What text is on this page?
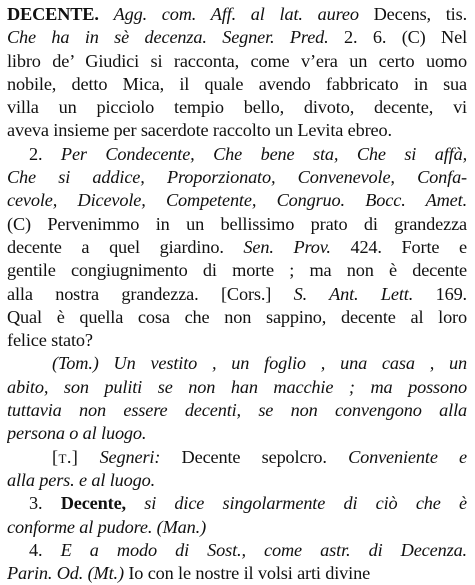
DECENTE. Agg. com. Aff. al lat. aureo Decens, tis.
Che ha in sè decenza. Segner. Pred. 2. 6. (C) Nel
libro de’ Giudici si racconta, come v’era un certo uomo
nobile, detto Mica, il quale avendo fabbricato in sua
villa un picciolo tempio bello, divoto, decente, vi
aveva insieme per sacerdote raccolto un Levita ebreo.
2. Per Condecente, Che bene sta, Che si affà,
Che si addice, Proporzionato, Convenevole, Confa-
cevole, Dicevole, Competente, Congruo. Bocc. Amet.
(C) Pervenimmo in un bellissimo prato di grandezza
decente a quel giardino. Sen. Prov. 424. Forte e
gentile congiugnimento di morte ; ma non è decente
alla nostra grandezza. [Cors.] S. Ant. Lett. 169.
Qual è quella cosa che non sappino, decente al loro
felice stato?
(Tom.) Un vestito , un foglio , una casa , un
abito, son puliti se non han macchie ; ma possono
tuttavia non essere decenti, se non convengono alla
persona o al luogo.
[t.] Segneri: Decente sepolcro. Conveniente e
alla pers. e al luogo.
3. Decente, si dice singolarmente di ciò che è
conforme al pudore. (Man.)
4. E a modo di Sost., come astr. di Decenza.
Parin. Od. (Mt.) Io con le nostre il volsi arti divine
